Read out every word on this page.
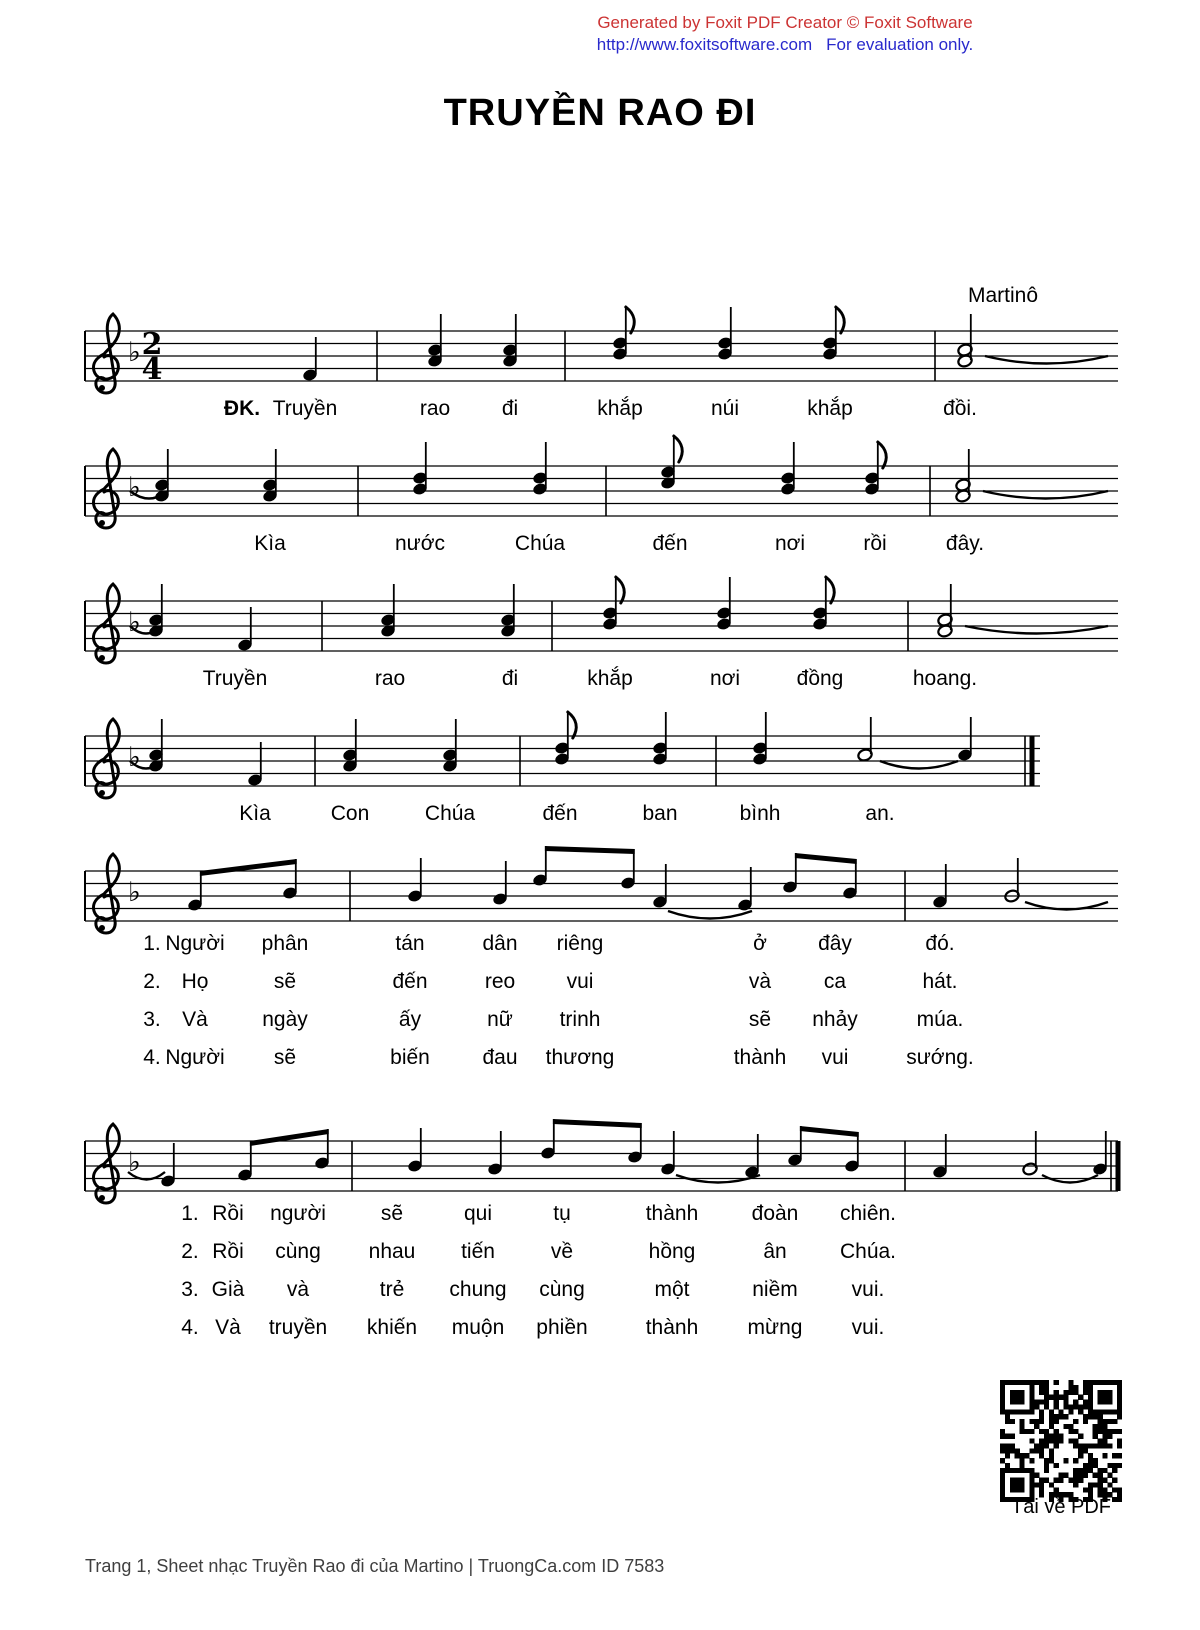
Generated by Foxit PDF Creator © Foxit Software
http://www.foxitsoftware.com For evaluation only.
TRUYỀN RAO ĐI
Martinô
♭ 2
4
ĐK. Truyền	rao đi	khắp	núi	khắp	đồi.
♭
Kìa	nước	Chúa	đến	nơi	rồi	đây.
♭
Truyền	rao	đi	khắp	nơi	đồng	hoang.
♭
Kìa	Con	Chúa	đến	ban	bình	an.
♭
1. Người phân	tán	dân riêng	ở đây	đó.
2. Họ	sẽ	đến	reo vui	và	ca	hát.
3. Và	ngày	ấy	nữ trinh	sẽ nhảy	múa.
4. Người sẽ	biến	đau thương	thành vui	sướng.
♭
1. Rồi người	sẽ	qui	tụ	thành	đoàn chiên.
2. Rồi cùng nhau tiến	về	hồng	ân	Chúa.
3. Già và	trẻ chung cùng	một	niềm	vui.
4. Và truyền khiến muộn phiền	thành mừng vui.
Tải về PDF
Trang 1, Sheet nhạc Truyền Rao đi của Martino | TruongCa.com ID 7583
